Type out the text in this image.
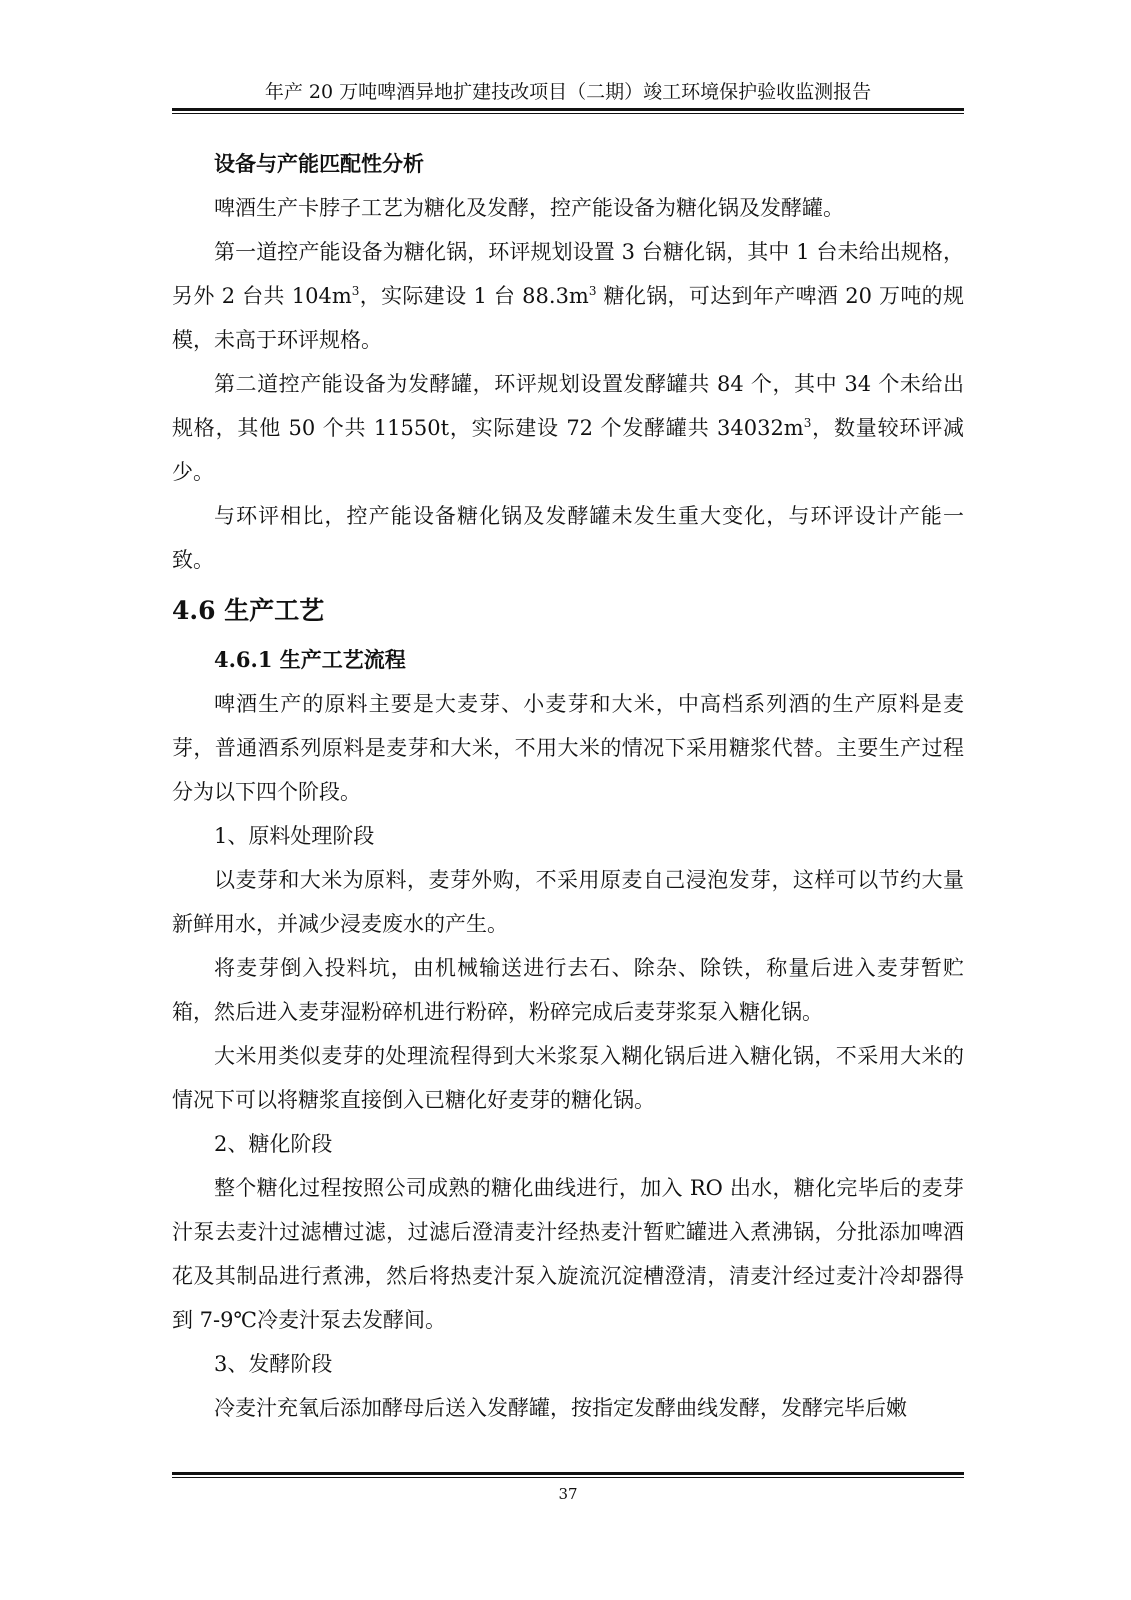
年产 20 万吨啤酒异地扩建技改项目（二期）竣工环境保护验收监测报告

设备与产能匹配性分析

啤酒生产卡脖子工艺为糖化及发酵，控产能设备为糖化锅及发酵罐。

第一道控产能设备为糖化锅，环评规划设置 3 台糖化锅，其中 1 台未给出规格，另外 2 台共 $104m^3$，实际建设 1 台 $88.3m^3$ 糖化锅，可达到年产啤酒 20 万吨的规模，未高于环评规格。

第二道控产能设备为发酵罐，环评规划设置发酵罐共 84 个，其中 34 个未给出规格，其他 50 个共 11550t，实际建设 72 个发酵罐共 $34032m^3$，数量较环评减少。

与环评相比，控产能设备糖化锅及发酵罐未发生重大变化，与环评设计产能一致。

4.6 生产工艺

4.6.1 生产工艺流程

啤酒生产的原料主要是大麦芽、小麦芽和大米，中高档系列酒的生产原料是麦芽，普通酒系列原料是麦芽和大米，不用大米的情况下采用糖浆代替。主要生产过程分为以下四个阶段。

1、原料处理阶段

以麦芽和大米为原料，麦芽外购，不采用原麦自己浸泡发芽，这样可以节约大量新鲜用水，并减少浸麦废水的产生。

将麦芽倒入投料坑，由机械输送进行去石、除杂、除铁，称量后进入麦芽暂贮箱，然后进入麦芽湿粉碎机进行粉碎，粉碎完成后麦芽浆泵入糖化锅。

大米用类似麦芽的处理流程得到大米浆泵入糊化锅后进入糖化锅，不采用大米的情况下可以将糖浆直接倒入已糖化好麦芽的糖化锅。

2、糖化阶段

整个糖化过程按照公司成熟的糖化曲线进行，加入 RO 出水，糖化完毕后的麦芽汁泵去麦汁过滤槽过滤，过滤后澄清麦汁经热麦汁暂贮罐进入煮沸锅，分批添加啤酒花及其制品进行煮沸，然后将热麦汁泵入旋流沉淀槽澄清，清麦汁经过麦汁冷却器得到 7-9℃冷麦汁泵去发酵间。

3、发酵阶段

冷麦汁充氧后添加酵母后送入发酵罐，按指定发酵曲线发酵，发酵完毕后嫩

37
